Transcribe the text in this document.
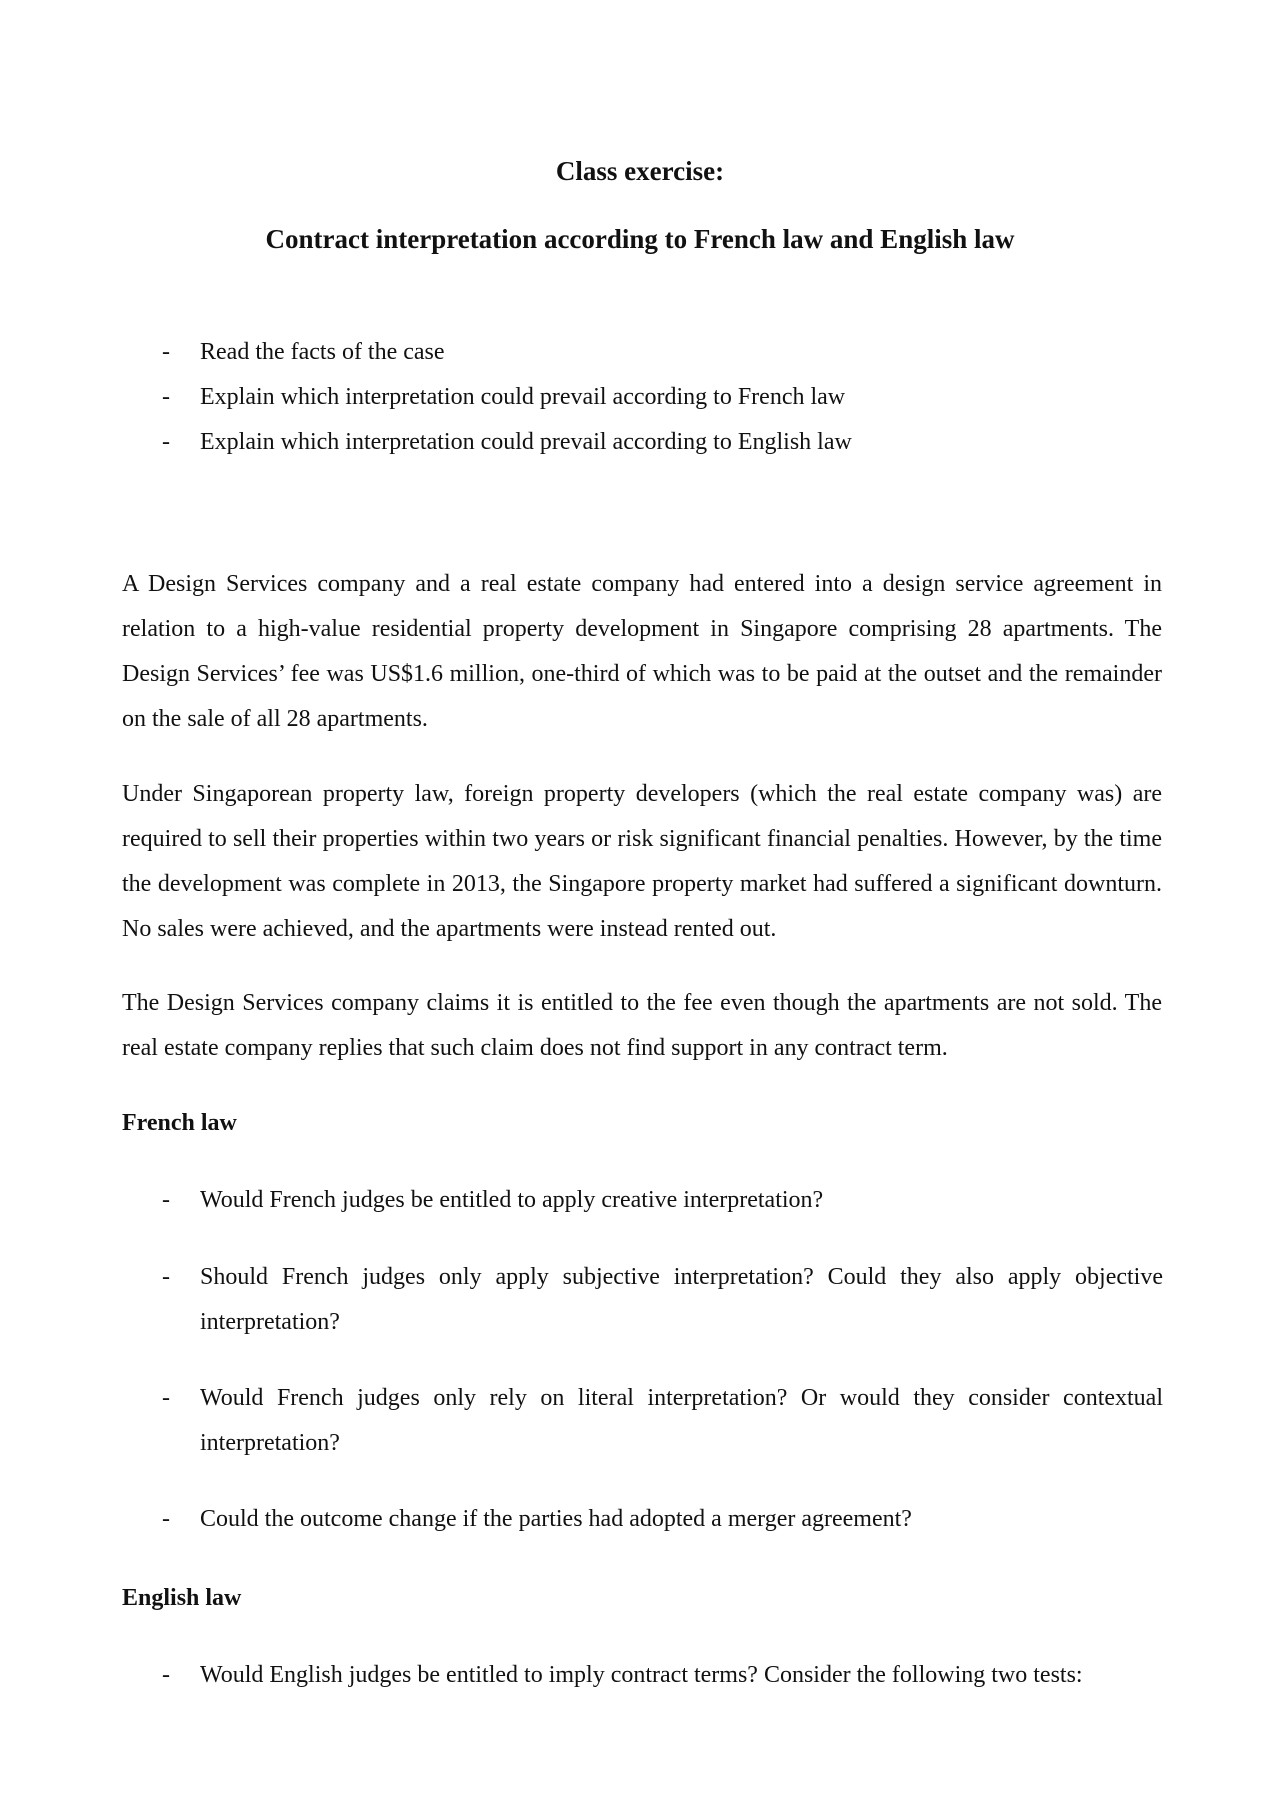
Class exercise:
Contract interpretation according to French law and English law
- Read the facts of the case
- Explain which interpretation could prevail according to French law
- Explain which interpretation could prevail according to English law

A Design Services company and a real estate company had entered into a design service agreement in relation to a high-value residential property development in Singapore comprising 28 apartments. The Design Services’ fee was US$1.6 million, one-third of which was to be paid at the outset and the remainder on the sale of all 28 apartments.

Under Singaporean property law, foreign property developers (which the real estate company was) are required to sell their properties within two years or risk significant financial penalties. However, by the time the development was complete in 2013, the Singapore property market had suffered a significant downturn. No sales were achieved, and the apartments were instead rented out.

The Design Services company claims it is entitled to the fee even though the apartments are not sold. The real estate company replies that such claim does not find support in any contract term.

French law
- Would French judges be entitled to apply creative interpretation?
- Should French judges only apply subjective interpretation? Could they also apply objective interpretation?
- Would French judges only rely on literal interpretation? Or would they consider contextual interpretation?
- Could the outcome change if the parties had adopted a merger agreement?
English law
- Would English judges be entitled to imply contract terms? Consider the following two tests:
